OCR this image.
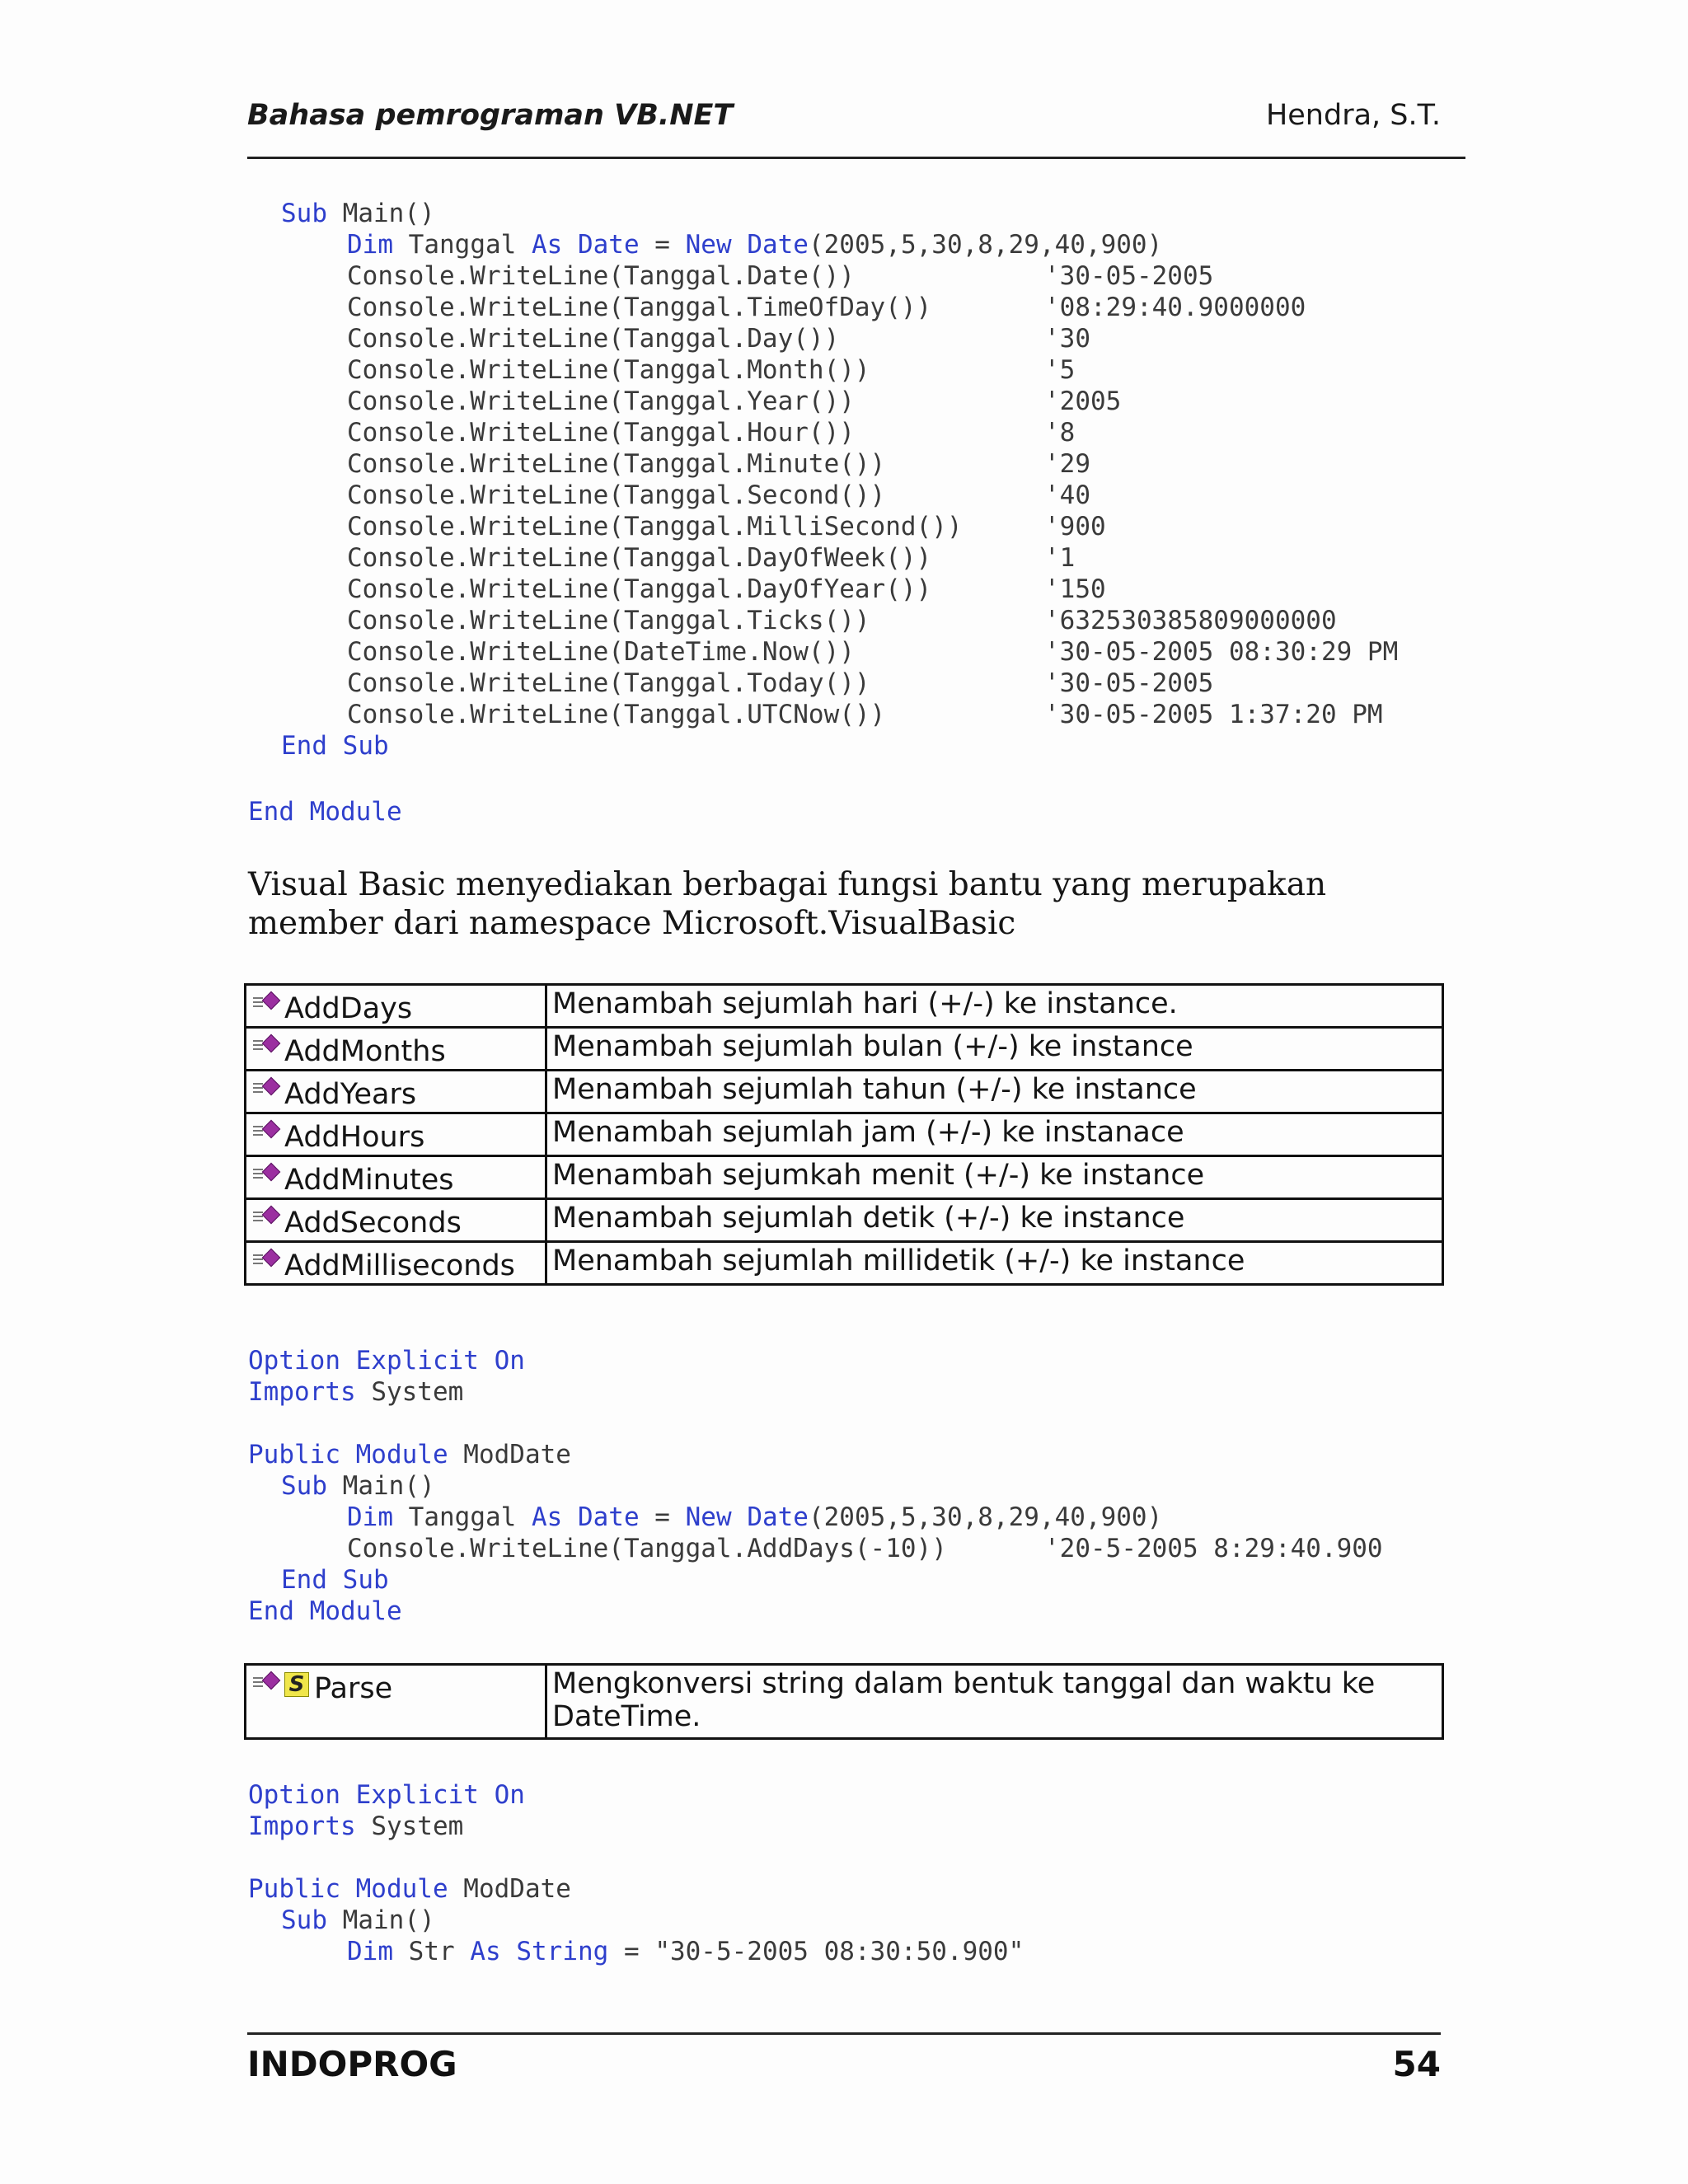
Bahasa pemrograman VB.NET	Hendra, S.T.
Sub Main()
Dim Tanggal As Date = New Date(2005,5,30,8,29,40,900)
Console.WriteLine(Tanggal.Date())	'30-05-2005
Console.WriteLine(Tanggal.TimeOfDay())	'08:29:40.9000000
Console.WriteLine(Tanggal.Day())	'30
Console.WriteLine(Tanggal.Month())	'5
Console.WriteLine(Tanggal.Year())	'2005
Console.WriteLine(Tanggal.Hour())	'8
Console.WriteLine(Tanggal.Minute())	'29
Console.WriteLine(Tanggal.Second())	'40
Console.WriteLine(Tanggal.MilliSecond())	'900
Console.WriteLine(Tanggal.DayOfWeek())	'1
Console.WriteLine(Tanggal.DayOfYear())	'150
Console.WriteLine(Tanggal.Ticks())	'632530385809000000
Console.WriteLine(DateTime.Now())	'30-05-2005 08:30:29 PM
Console.WriteLine(Tanggal.Today())	'30-05-2005
Console.WriteLine(Tanggal.UTCNow())	'30-05-2005 1:37:20 PM
End Sub
End Module
Visual Basic menyediakan berbagai fungsi bantu yang merupakan member dari namespace Microsoft.VisualBasic
AddDays	Menambah sejumlah hari (+/-) ke instance.

AddMonths	Menambah sejumlah bulan (+/-) ke instance

AddYears	Menambah sejumlah tahun (+/-) ke instance

AddHours	Menambah sejumlah jam (+/-) ke instanace

AddMinutes	Menambah sejumkah menit (+/-) ke instance

AddSeconds	Menambah sejumlah detik (+/-) ke instance

AddMilliseconds	Menambah sejumlah millidetik (+/-) ke instance
Option Explicit On
Imports System
Public Module ModDate
Sub Main()
Dim Tanggal As Date = New Date(2005,5,30,8,29,40,900)
Console.WriteLine(Tanggal.AddDays(-10))	'20-5-2005 8:29:40.900
End Sub
End Module
S Parse	Mengkonversi string dalam bentuk tanggal dan waktu ke DateTime.
Option Explicit On
Imports System
Public Module ModDate
Sub Main()
Dim Str As String = "30-5-2005 08:30:50.900"
INDOPROG	54
